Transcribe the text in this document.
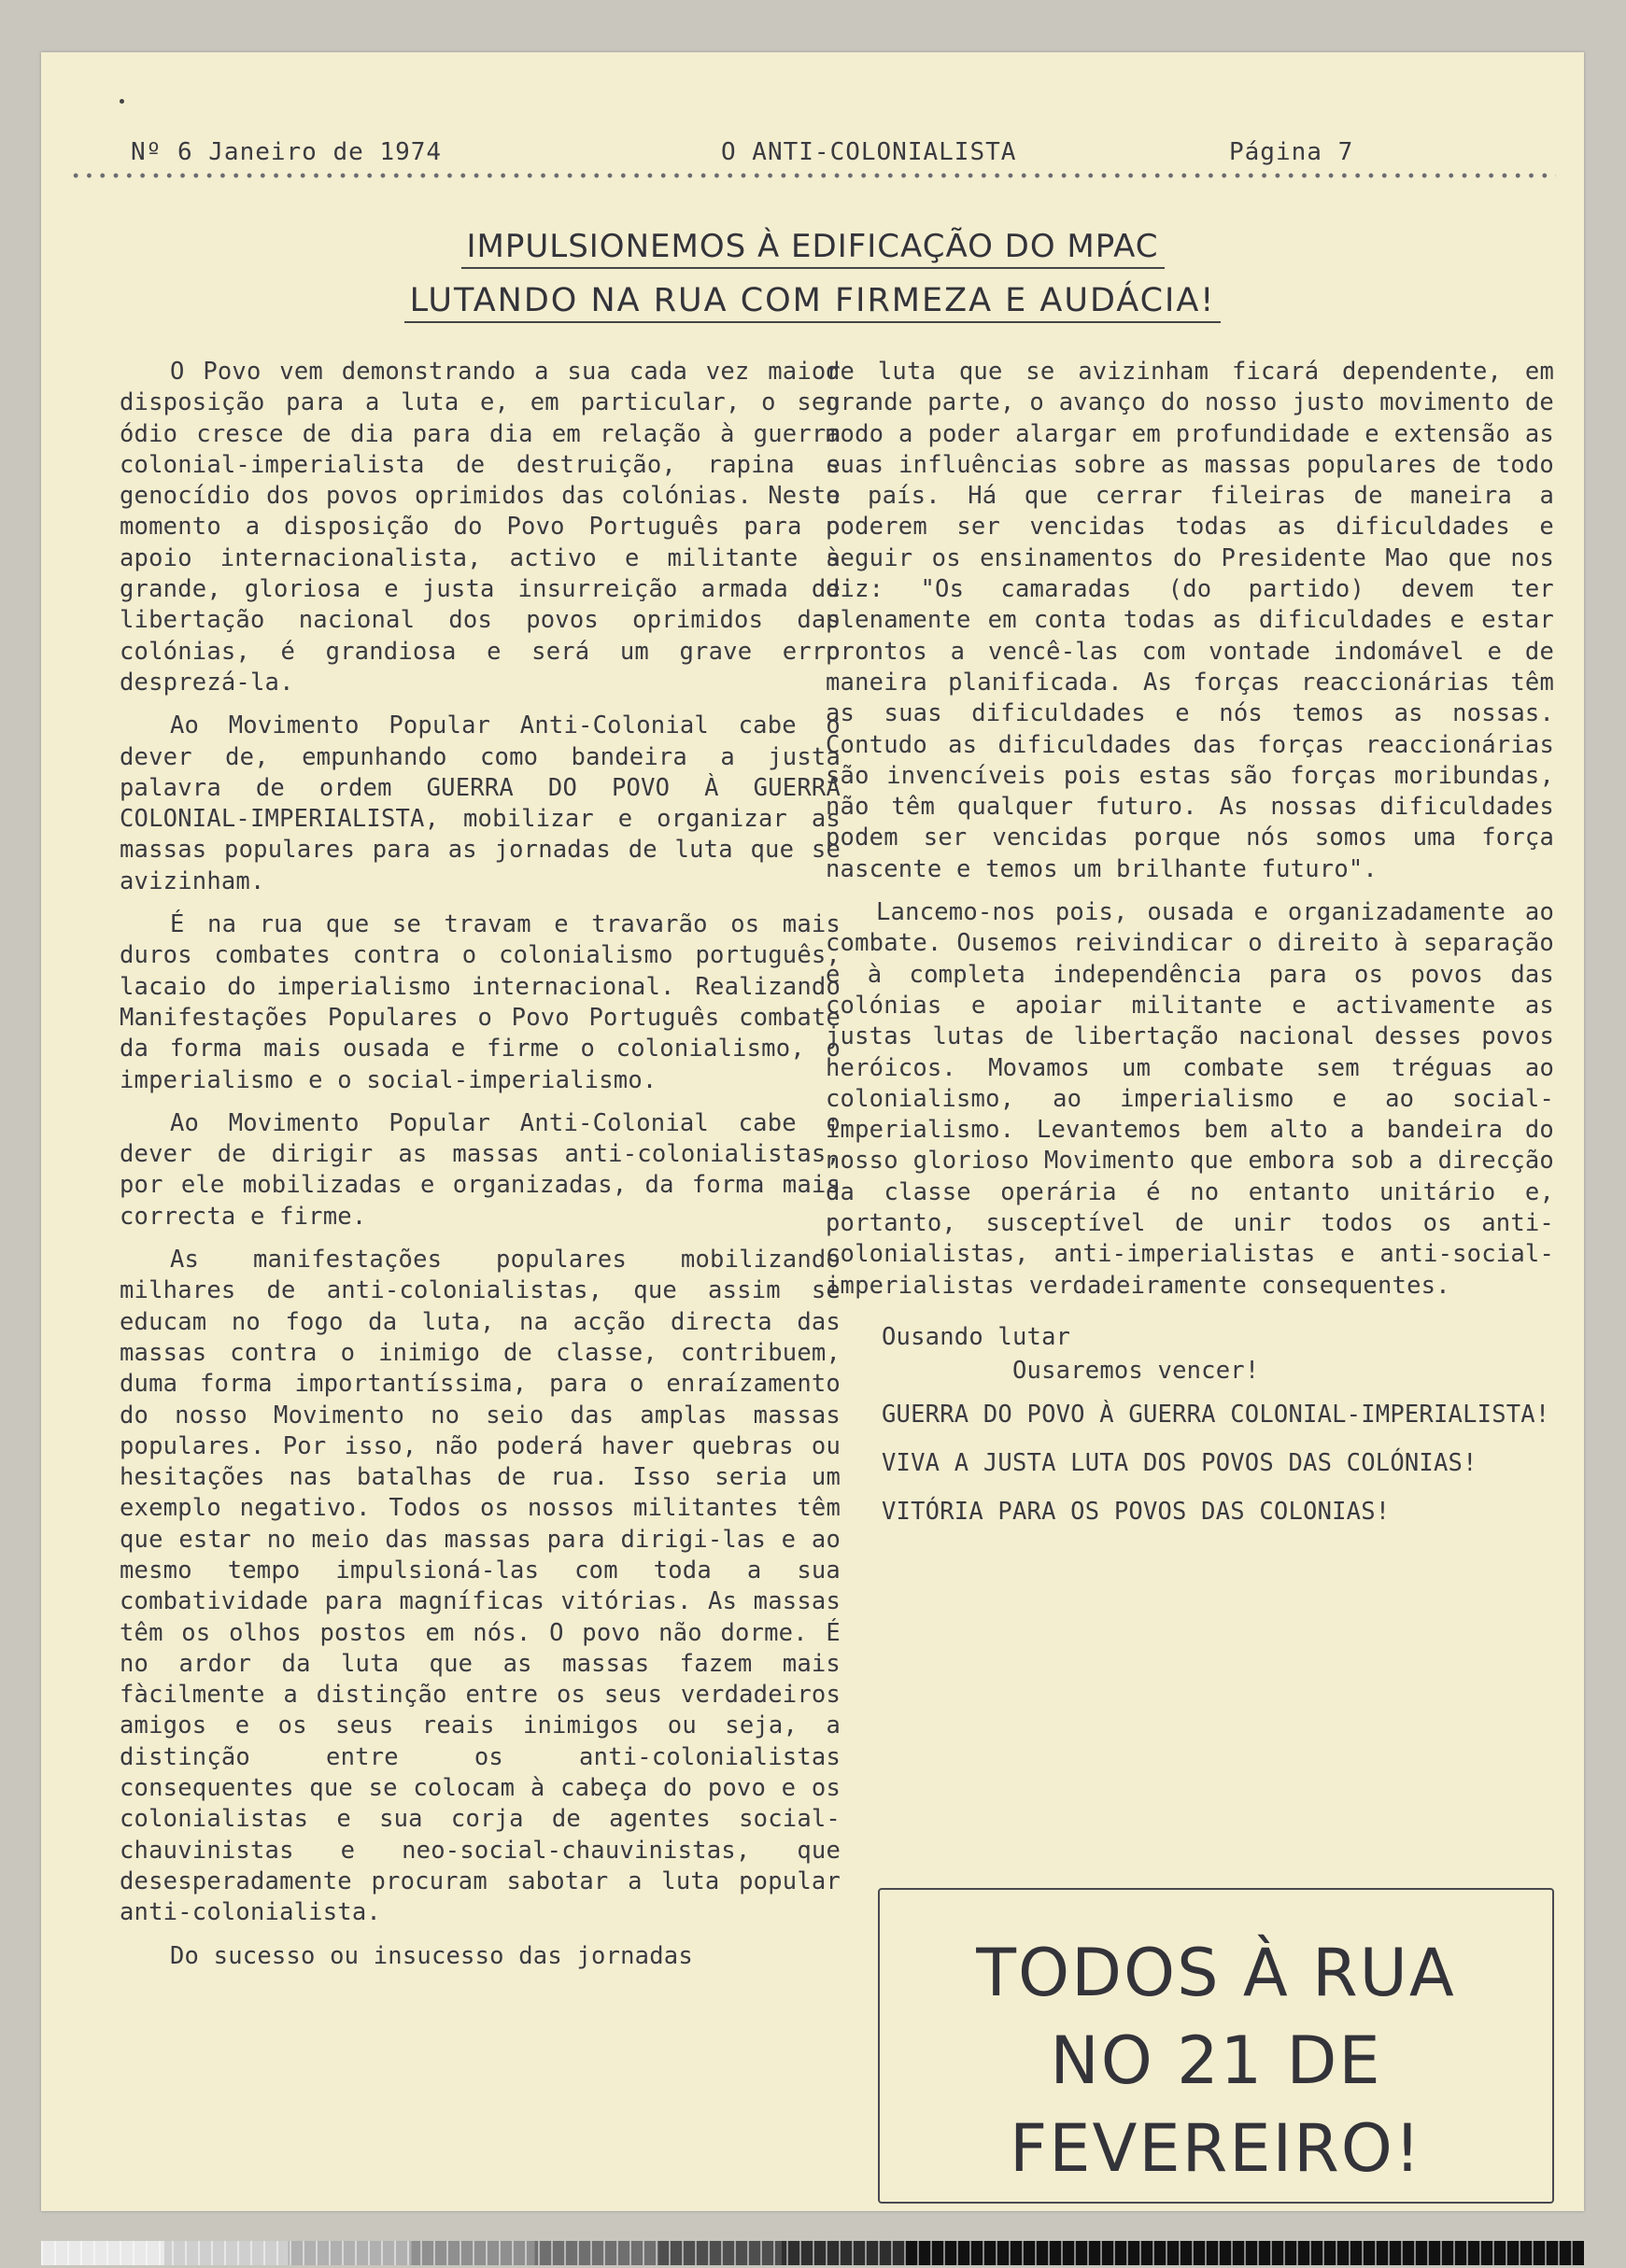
Nº 6 Janeiro de 1974	O ANTI-COLONIALISTA	Página 7
IMPULSIONEMOS À EDIFICAÇÃO DO MPAC
LUTANDO NA RUA COM FIRMEZA E AUDÁCIA!

O Povo vem demonstrando a sua cada vez maior disposição para a luta e, em particular, o seu ódio cresce de dia para dia em relação à guerra colonial-imperialista de destruição, rapina e genocídio dos povos oprimidos das colónias. Neste momento a disposição do Povo Português para o apoio internacionalista, activo e militante à grande, gloriosa e justa insurreição armada de libertação nacional dos povos oprimidos das colónias, é grandiosa e será um grave erro desprezá-la.

Ao Movimento Popular Anti-Colonial cabe o dever de, empunhando como bandeira a justa palavra de ordem GUERRA DO POVO À GUERRA COLONIAL-IMPERIALISTA, mobilizar e organizar as massas populares para as jornadas de luta que se avizinham.

É na rua que se travam e travarão os mais duros combates contra o colonialismo português, lacaio do imperialismo internacional. Realizando Manifestações Populares o Povo Português combate da forma mais ousada e firme o colonialismo, o imperialismo e o social-imperialismo.

Ao Movimento Popular Anti-Colonial cabe o dever de dirigir as massas anti-colonialistas, por ele mobilizadas e organizadas, da forma mais correcta e firme.

As manifestações populares mobilizando milhares de anti-colonialistas, que assim se educam no fogo da luta, na acção directa das massas contra o inimigo de classe, contribuem, duma forma importantíssima, para o enraízamento do nosso Movimento no seio das amplas massas populares. Por isso, não poderá haver quebras ou hesitações nas batalhas de rua. Isso seria um exemplo negativo. Todos os nossos militantes têm que estar no meio das massas para dirigi-las e ao mesmo tempo impulsioná-las com toda a sua combatividade para magníficas vitórias. As massas têm os olhos postos em nós. O povo não dorme. É no ardor da luta que as massas fazem mais fàcilmente a distinção entre os seus verdadeiros amigos e os seus reais inimigos ou seja, a distinção entre os anti-colonialistas consequentes que se colocam à cabeça do povo e os colonialistas e sua corja de agentes social-chauvinistas e neo-social-chauvinistas, que desesperadamente procuram sabotar a luta popular anti-colonialista.

Do sucesso ou insucesso das jornadas

de luta que se avizinham ficará dependente, em grande parte, o avanço do nosso justo movimento de modo a poder alargar em profundidade e extensão as suas influências sobre as massas populares de todo o país. Há que cerrar fileiras de maneira a poderem ser vencidas todas as dificuldades e seguir os ensinamentos do Presidente Mao que nos diz: "Os camaradas (do partido) devem ter plenamente em conta todas as dificuldades e estar prontos a vencê-las com vontade indomável e de maneira planificada. As forças reaccionárias têm as suas dificuldades e nós temos as nossas. Contudo as dificuldades das forças reaccionárias são invencíveis pois estas são forças moribundas, não têm qualquer futuro. As nossas dificuldades podem ser vencidas porque nós somos uma força nascente e temos um brilhante futuro".

Lancemo-nos pois, ousada e organizadamente ao combate. Ousemos reivindicar o direito à separação e à completa independência para os povos das colónias e apoiar militante e activamente as justas lutas de libertação nacional desses povos heróicos. Movamos um combate sem tréguas ao colonialismo, ao imperialismo e ao social-imperialismo. Levantemos bem alto a bandeira do nosso glorioso Movimento que embora sob a direcção da classe operária é no entanto unitário e, portanto, susceptível de unir todos os anti-colonialistas, anti-imperialistas e anti-social-imperialistas verdadeiramente consequentes.

Ousando lutar
Ousaremos vencer!
GUERRA DO POVO À GUERRA COLONIAL-IMPERIALISTA!
VIVA A JUSTA LUTA DOS POVOS DAS COLÓNIAS!
VITÓRIA PARA OS POVOS DAS COLONIAS!
TODOS À RUA
NO 21 DE
FEVEREIRO!
